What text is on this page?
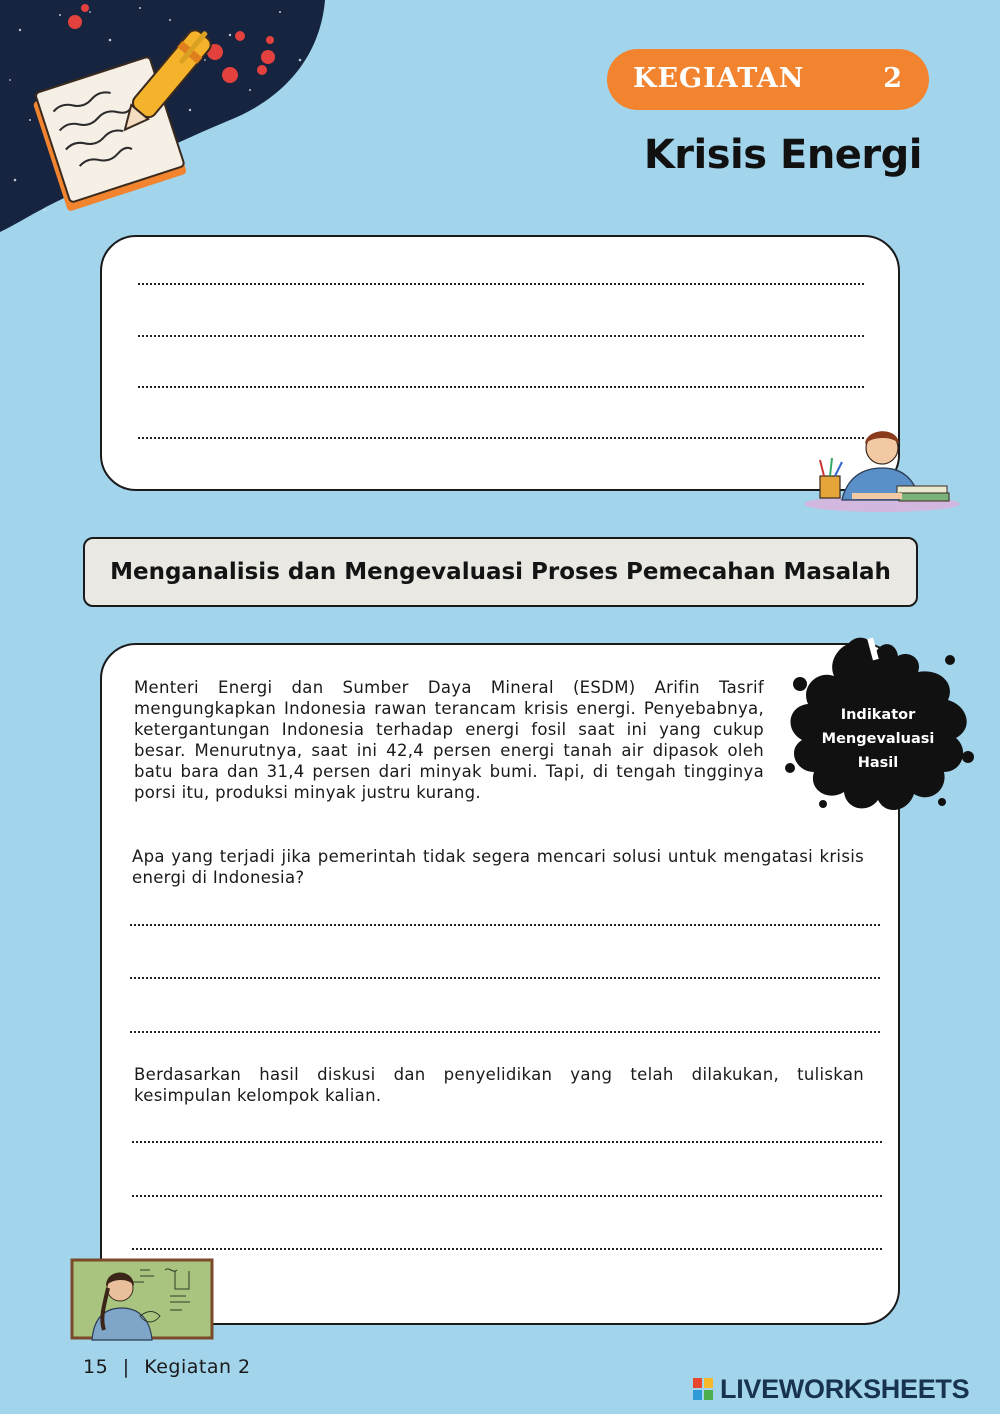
KEGIATAN	2
Krisis Energi
Menganalisis dan Mengevaluasi Proses Pemecahan Masalah

Menteri Energi dan Sumber Daya Mineral (ESDM) Arifin Tasrif mengungkapkan Indonesia rawan terancam krisis energi. Penyebabnya, ketergantungan Indonesia terhadap energi fosil saat ini yang cukup besar. Menurutnya, saat ini 42,4 persen energi tanah air dipasok oleh batu bara dan 31,4 persen dari minyak bumi. Tapi, di tengah tingginya porsi itu, produksi minyak justru kurang.

Apa yang terjadi jika pemerintah tidak segera mencari solusi untuk mengatasi krisis energi di Indonesia?

Berdasarkan hasil diskusi dan penyelidikan yang telah dilakukan, tuliskan kesimpulan kelompok kalian.

Indikator
Mengevaluasi
Hasil
15 | Kegiatan 2
LIVEWORKSHEETS
